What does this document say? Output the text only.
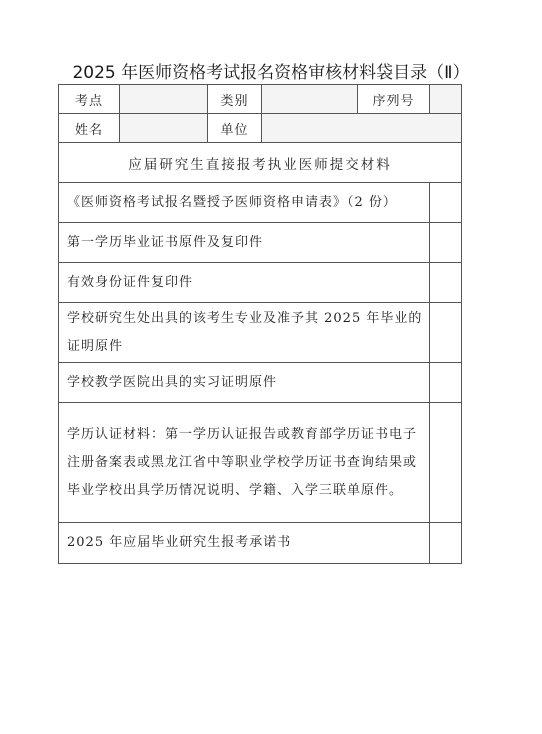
2025 年医师资格考试报名资格审核材料袋目录（Ⅱ）
考点	类别	序列号
姓名	单位
应届研究生直接报考执业医师提交材料
《医师资格考试报名暨授予医师资格申请表》（2 份）
第一学历毕业证书原件及复印件
有效身份证件复印件
学校研究生处出具的该考生专业及准予其 2025 年毕业的证明原件
学校教学医院出具的实习证明原件
学历认证材料：第一学历认证报告或教育部学历证书电子注册备案表或黑龙江省中等职业学校学历证书查询结果或毕业学校出具学历情况说明、学籍、入学三联单原件。
2025 年应届毕业研究生报考承诺书
